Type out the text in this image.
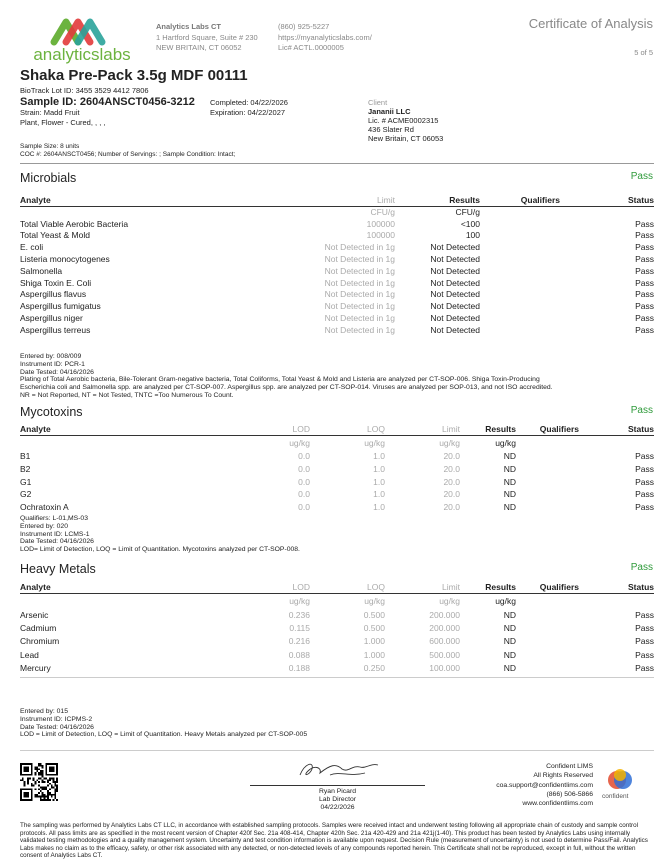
analyticslabs
Analytics Labs CT
1 Hartford Square, Suite # 230
NEW BRITAIN, CT 06052
(860) 925-5227
https://myanalyticslabs.com/
Lic# ACTL.0000005
Certificate of Analysis
5 of 5
Shaka Pre-Pack 3.5g MDF 00111
BioTrack Lot ID: 3455 3529 4412 7806
Sample ID: 2604ANSCT0456-3212
Strain: Madd Fruit
Plant, Flower - Cured, , , ,
Completed: 04/22/2026
Expiration: 04/22/2027
Client
Jananii LLC
Lic. # ACME0002315
436 Slater Rd
New Britain, CT 06053
Sample Size: 8 units
COC #: 2604ANSCT0456; Number of Servings: ; Sample Condition: Intact;
Microbials	Pass
Analyte	Limit	Results	Qualifiers	Status
	CFU/g	CFU/g		
Total Viable Aerobic Bacteria	100000	<100		Pass
Total Yeast & Mold	100000	100		Pass
E. coli	Not Detected in 1g	Not Detected		Pass
Listeria monocytogenes	Not Detected in 1g	Not Detected		Pass
Salmonella	Not Detected in 1g	Not Detected		Pass
Shiga Toxin E. Coli	Not Detected in 1g	Not Detected		Pass
Aspergillus flavus	Not Detected in 1g	Not Detected		Pass
Aspergillus fumigatus	Not Detected in 1g	Not Detected		Pass
Aspergillus niger	Not Detected in 1g	Not Detected		Pass
Aspergillus terreus	Not Detected in 1g	Not Detected		Pass
Entered by: 008/009
Instrument ID: PCR-1
Date Tested: 04/16/2026
Plating of Total Aerobic bacteria, Bile-Tolerant Gram-negative bacteria, Total Coliforms, Total Yeast & Mold and Listeria are analyzed per CT-SOP-006. Shiga Toxin-Producing
Escherichia coli and Salmonella spp. are analyzed per CT-SOP-007. Aspergillus spp. are analyzed per CT-SOP-014. Viruses are analyzed per SOP-013, and not ISO accredited.
NR = Not Reported, NT = Not Tested, TNTC =Too Numerous To Count.
Mycotoxins	Pass
Analyte	LOD	LOQ	Limit	Results	Qualifiers	Status
	ug/kg	ug/kg	ug/kg	ug/kg		
B1	0.0	1.0	20.0	ND		Pass
B2	0.0	1.0	20.0	ND		Pass
G1	0.0	1.0	20.0	ND		Pass
G2	0.0	1.0	20.0	ND		Pass
Ochratoxin A	0.0	1.0	20.0	ND		Pass
Qualifiers: L-01,MS-03
Entered by: 020
Instrument ID: LCMS-1
Date Tested: 04/16/2026
LOD= Limit of Detection, LOQ = Limit of Quantitation. Mycotoxins analyzed per CT-SOP-008.
Heavy Metals	Pass
Analyte	LOD	LOQ	Limit	Results	Qualifiers	Status
	ug/kg	ug/kg	ug/kg	ug/kg		
Arsenic	0.236	0.500	200.000	ND		Pass
Cadmium	0.115	0.500	200.000	ND		Pass
Chromium	0.216	1.000	600.000	ND		Pass
Lead	0.088	1.000	500.000	ND		Pass
Mercury	0.188	0.250	100.000	ND		Pass
Entered by: 015
Instrument ID: ICPMS-2
Date Tested: 04/16/2026
LOD = Limit of Detection, LOQ = Limit of Quantitation. Heavy Metals analyzed per CT-SOP-005
Ryan Picard
Lab Director
04/22/2026
Confident LIMS
All Rights Reserved
coa.support@confidentlims.com
(866) 506-5866
www.confidentlims.com
confident
The sampling was performed by Analytics Labs CT LLC, in accordance with established sampling protocols. Samples were received intact and underwent testing following all appropriate chain of custody and sample control protocols. All pass limits are as specified in the most recent version of Chapter 420f Sec. 21a 408-414, Chapter 420h Sec. 21a 420-429 and 21a 421j(1-40). This product has been tested by Analytics Labs using internally validated testing methodologies and a quality management system. Uncertainty and test condition information is available upon request. Decision Rule (measurement of uncertainty) is not used to determine Pass/Fail. Analytics Labs makes no claim as to the efficacy, safety, or other risk associated with any detected, or non-detected levels of any compounds reported herein. This Certificate shall not be reproduced, except in full, without the written consent of Analytics Labs CT.
